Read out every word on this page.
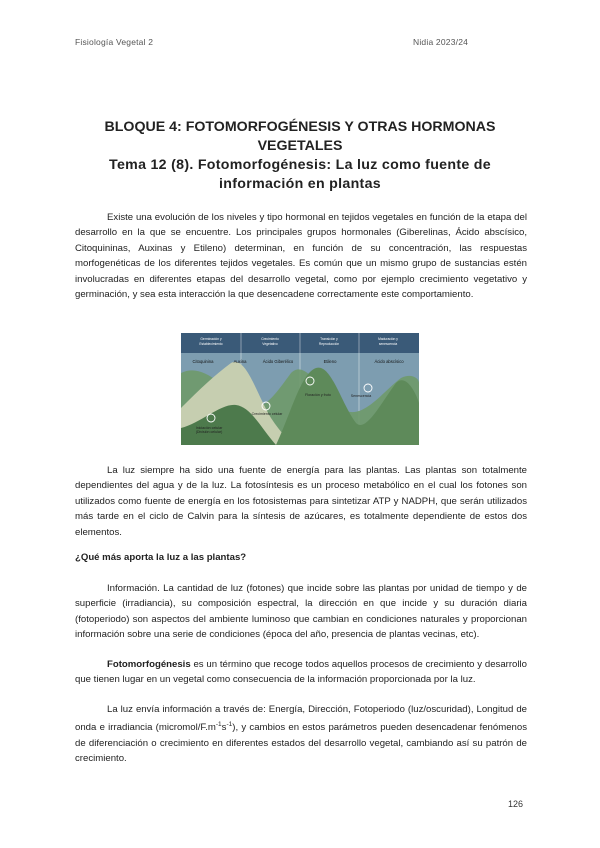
Fisiología Vegetal 2	Nidia 2023/24

BLOQUE 4: FOTOMORFOGÉNESIS Y OTRAS HORMONAS

VEGETALES

Tema 12 (8). Fotomorfogénesis: La luz como fuente de

información en plantas

Existe una evolución de los niveles y tipo hormonal en tejidos vegetales en función de la etapa del desarrollo en la que se encuentre. Los principales grupos hormonales (Giberelinas, Ácido abscísico, Citoquininas, Auxinas y Etileno) determinan, en función de su concentración, las respuestas morfogenéticas de los diferentes tejidos vegetales. Es común que un mismo grupo de sustancias estén involucradas en diferentes etapas del desarrollo vegetal, como por ejemplo crecimiento vegetativo y germinación, y sea esta interacción la que desencadene correctamente este comportamiento.

Germinación y
Establecimiento
Crecimiento
Vegetativo
Transición y
Reproducción
Maduración y
senescencia
Citoquinina	Auxina	Ácido Giberélico	Etileno	Ácido abscísico
Iniciación celular
(División celular)
Crecimiento celular
Floración y fruto	Senescencia

La luz siempre ha sido una fuente de energía para las plantas. Las plantas son totalmente dependientes del agua y de la luz. La fotosíntesis es un proceso metabólico en el cual los fotones son utilizados como fuente de energía en los fotosistemas para sintetizar ATP y NADPH, que serán utilizados más tarde en el ciclo de Calvin para la síntesis de azúcares, es totalmente dependiente de estos dos elementos.

¿Qué más aporta la luz a las plantas?

Información. La cantidad de luz (fotones) que incide sobre las plantas por unidad de tiempo y de superficie (irradiancia), su composición espectral, la dirección en que incide y su duración diaria (fotoperiodo) son aspectos del ambiente luminoso que cambian en condiciones naturales y proporcionan información sobre una serie de condiciones (época del año, presencia de plantas vecinas, etc).

Fotomorfogénesis es un término que recoge todos aquellos procesos de crecimiento y desarrollo que tienen lugar en un vegetal como consecuencia de la información proporcionada por la luz.

La luz envía información a través de: Energía, Dirección, Fotoperiodo (luz/oscuridad), Longitud de onda e irradiancia $(micromol/F.m^{-1}s^{-1})$, y cambios en estos parámetros pueden desencadenar fenómenos de diferenciación o crecimiento en diferentes estados del desarrollo vegetal, cambiando así su patrón de crecimiento.

126
